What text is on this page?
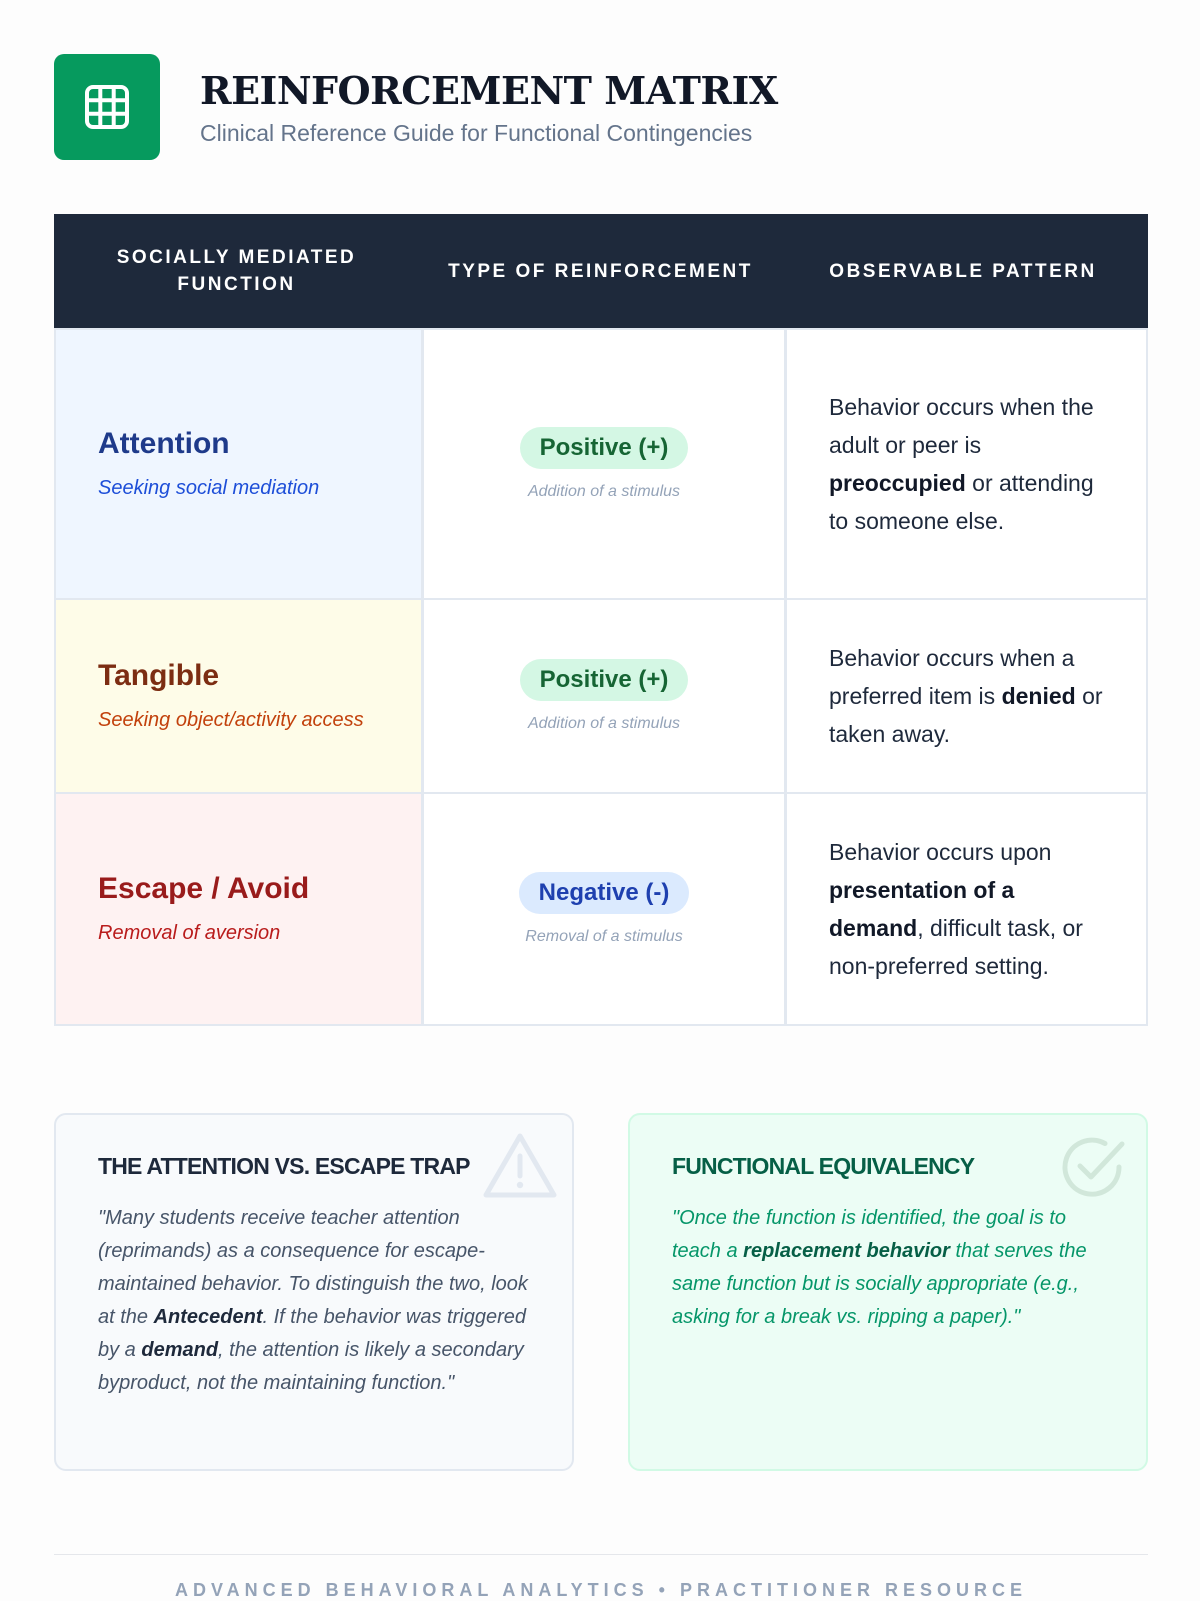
REINFORCEMENT MATRIX
Clinical Reference Guide for Functional Contingencies
SOCIALLY MEDIATED FUNCTION
TYPE OF REINFORCEMENT	OBSERVABLE PATTERN
Attention
Seeking social mediation
Positive (+)
Addition of a stimulus
Behavior occurs when the adult or peer is preoccupied or attending to someone else.
Tangible
Seeking object/activity access
Positive (+)
Addition of a stimulus
Behavior occurs when a preferred item is denied or taken away.
Escape / Avoid
Removal of aversion
Negative (-)
Removal of a stimulus
Behavior occurs upon presentation of a demand, difficult task, or non-preferred setting.
THE ATTENTION VS. ESCAPE TRAP
"Many students receive teacher attention (reprimands) as a consequence for escape-maintained behavior. To distinguish the two, look at the Antecedent. If the behavior was triggered by a demand, the attention is likely a secondary byproduct, not the maintaining function."
FUNCTIONAL EQUIVALENCY
"Once the function is identified, the goal is to teach a replacement behavior that serves the same function but is socially appropriate (e.g., asking for a break vs. ripping a paper)."
ADVANCED BEHAVIORAL ANALYTICS • PRACTITIONER RESOURCE
